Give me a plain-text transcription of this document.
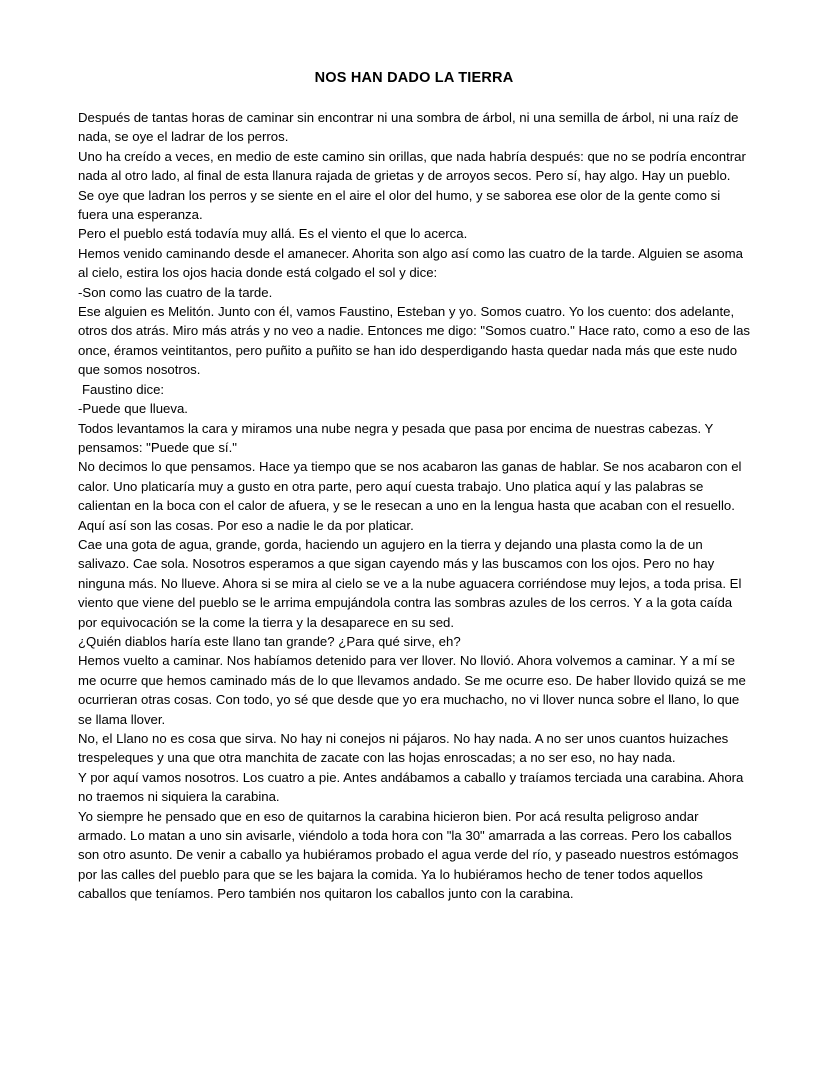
NOS HAN DADO LA TIERRA

Después de tantas horas de caminar sin encontrar ni una sombra de árbol, ni una semilla de árbol, ni una raíz de nada, se oye el ladrar de los perros.

Uno ha creído a veces, en medio de este camino sin orillas, que nada habría después: que no se podría encontrar nada al otro lado, al final de esta llanura rajada de grietas y de arroyos secos. Pero sí, hay algo. Hay un pueblo. Se oye que ladran los perros y se siente en el aire el olor del humo, y se saborea ese olor de la gente como si fuera una esperanza.

Pero el pueblo está todavía muy allá. Es el viento el que lo acerca.

Hemos venido caminando desde el amanecer. Ahorita son algo así como las cuatro de la tarde. Alguien se asoma al cielo, estira los ojos hacia donde está colgado el sol y dice:

-Son como las cuatro de la tarde.

Ese alguien es Melitón. Junto con él, vamos Faustino, Esteban y yo. Somos cuatro. Yo los cuento: dos adelante, otros dos atrás. Miro más atrás y no veo a nadie. Entonces me digo: "Somos cuatro." Hace rato, como a eso de las once, éramos veintitantos, pero puñito a puñito se han ido desperdigando hasta quedar nada más que este nudo que somos nosotros.

Faustino dice:

-Puede que llueva.

Todos levantamos la cara y miramos una nube negra y pesada que pasa por encima de nuestras cabezas. Y pensamos: "Puede que sí."

No decimos lo que pensamos. Hace ya tiempo que se nos acabaron las ganas de hablar. Se nos acabaron con el calor. Uno platicaría muy a gusto en otra parte, pero aquí cuesta trabajo. Uno platica aquí y las palabras se calientan en la boca con el calor de afuera, y se le resecan a uno en la lengua hasta que acaban con el resuello. Aquí así son las cosas. Por eso a nadie le da por platicar.

Cae una gota de agua, grande, gorda, haciendo un agujero en la tierra y dejando una plasta como la de un salivazo. Cae sola. Nosotros esperamos a que sigan cayendo más y las buscamos con los ojos. Pero no hay ninguna más. No llueve. Ahora si se mira al cielo se ve a la nube aguacera corriéndose muy lejos, a toda prisa. El viento que viene del pueblo se le arrima empujándola contra las sombras azules de los cerros. Y a la gota caída por equivocación se la come la tierra y la desaparece en su sed.

¿Quién diablos haría este llano tan grande? ¿Para qué sirve, eh?

Hemos vuelto a caminar. Nos habíamos detenido para ver llover. No llovió. Ahora volvemos a caminar. Y a mí se me ocurre que hemos caminado más de lo que llevamos andado. Se me ocurre eso. De haber llovido quizá se me ocurrieran otras cosas. Con todo, yo sé que desde que yo era muchacho, no vi llover nunca sobre el llano, lo que se llama llover.

No, el Llano no es cosa que sirva. No hay ni conejos ni pájaros. No hay nada. A no ser unos cuantos huizaches trespeleques y una que otra manchita de zacate con las hojas enroscadas; a no ser eso, no hay nada.

Y por aquí vamos nosotros. Los cuatro a pie. Antes andábamos a caballo y traíamos terciada una carabina. Ahora no traemos ni siquiera la carabina.

Yo siempre he pensado que en eso de quitarnos la carabina hicieron bien. Por acá resulta peligroso andar armado. Lo matan a uno sin avisarle, viéndolo a toda hora con "la 30" amarrada a las correas. Pero los caballos son otro asunto. De venir a caballo ya hubiéramos probado el agua verde del río, y paseado nuestros estómagos por las calles del pueblo para que se les bajara la comida. Ya lo hubiéramos hecho de tener todos aquellos caballos que teníamos. Pero también nos quitaron los caballos junto con la carabina.
